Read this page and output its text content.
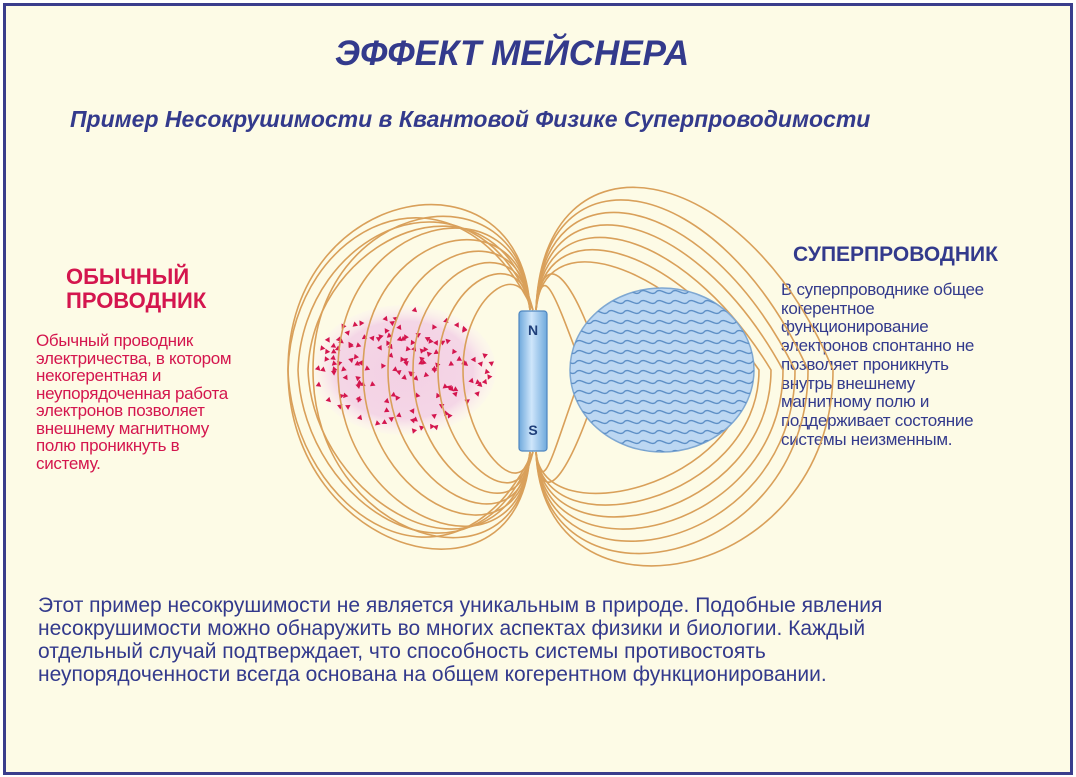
ЭФФЕКТ МЕЙСНЕРА
Пример Несокрушимости в Квантовой Физике Суперпроводимости
ОБЫЧНЫЙ
ПРОВОДНИК
Обычный проводник
электричества, в котором
некогерентная и
неупорядоченная работа
электронов позволяет
внешнему магнитному
полю проникнуть в
систему.
СУПЕРПРОВОДНИК
В суперпроводнике общее
когерентное
функционирование
электронов спонтанно не
позволяет проникнуть
внутрь внешнему
магнитному полю и
поддерживает состояние
системы неизменным.
N
S
Этот пример несокрушимости не является уникальным в природе. Подобные явления
несокрушимости можно обнаружить во многих аспектах физики и биологии. Каждый
отдельный случай подтверждает, что способность системы противостоять
неупорядоченности всегда основана на общем когерентном функционировании.
